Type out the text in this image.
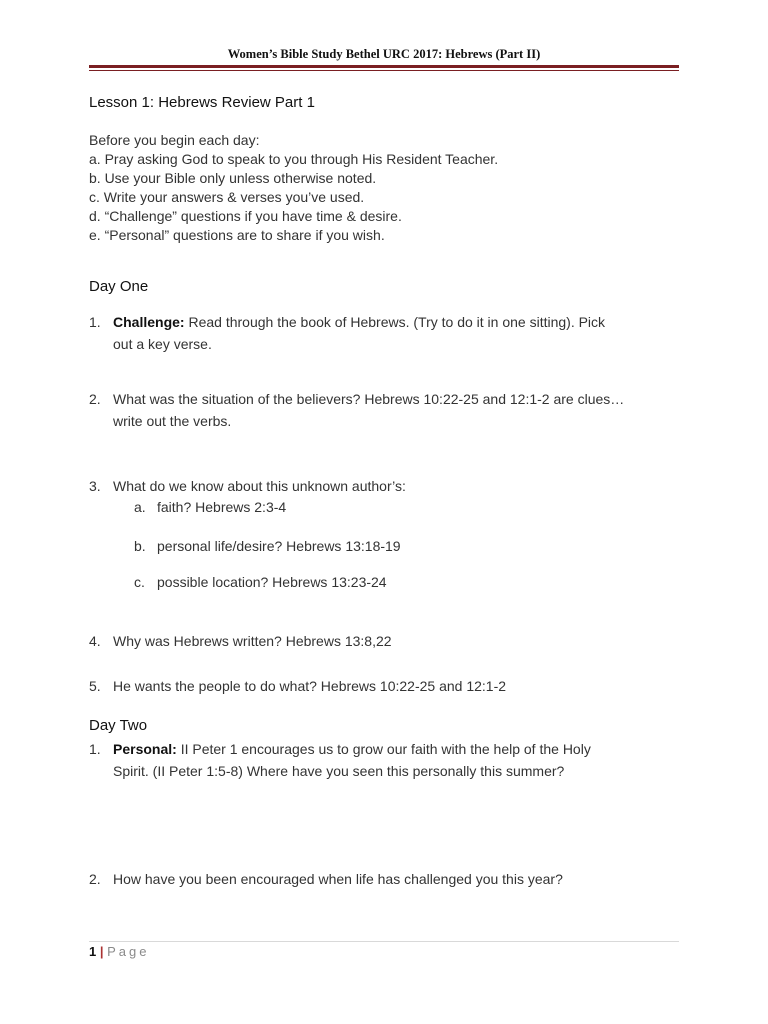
Women’s Bible Study Bethel URC 2017: Hebrews (Part II)
Lesson 1: Hebrews Review Part 1
Before you begin each day:
a. Pray asking God to speak to you through His Resident Teacher.
b. Use your Bible only unless otherwise noted.
c. Write your answers & verses you’ve used.
d. “Challenge” questions if you have time & desire.
e. “Personal” questions are to share if you wish.
Day One
1. Challenge: Read through the book of Hebrews. (Try to do it in one sitting). Pick
out a key verse.
2. What was the situation of the believers? Hebrews 10:22-25 and 12:1-2 are clues…
write out the verbs.
3. What do we know about this unknown author’s:
a. faith? Hebrews 2:3-4
b. personal life/desire? Hebrews 13:18-19
c. possible location? Hebrews 13:23-24
4. Why was Hebrews written? Hebrews 13:8,22
5. He wants the people to do what? Hebrews 10:22-25 and 12:1-2
Day Two
1. Personal: II Peter 1 encourages us to grow our faith with the help of the Holy
Spirit. (II Peter 1:5-8) Where have you seen this personally this summer?
2. How have you been encouraged when life has challenged you this year?
1 | Page
